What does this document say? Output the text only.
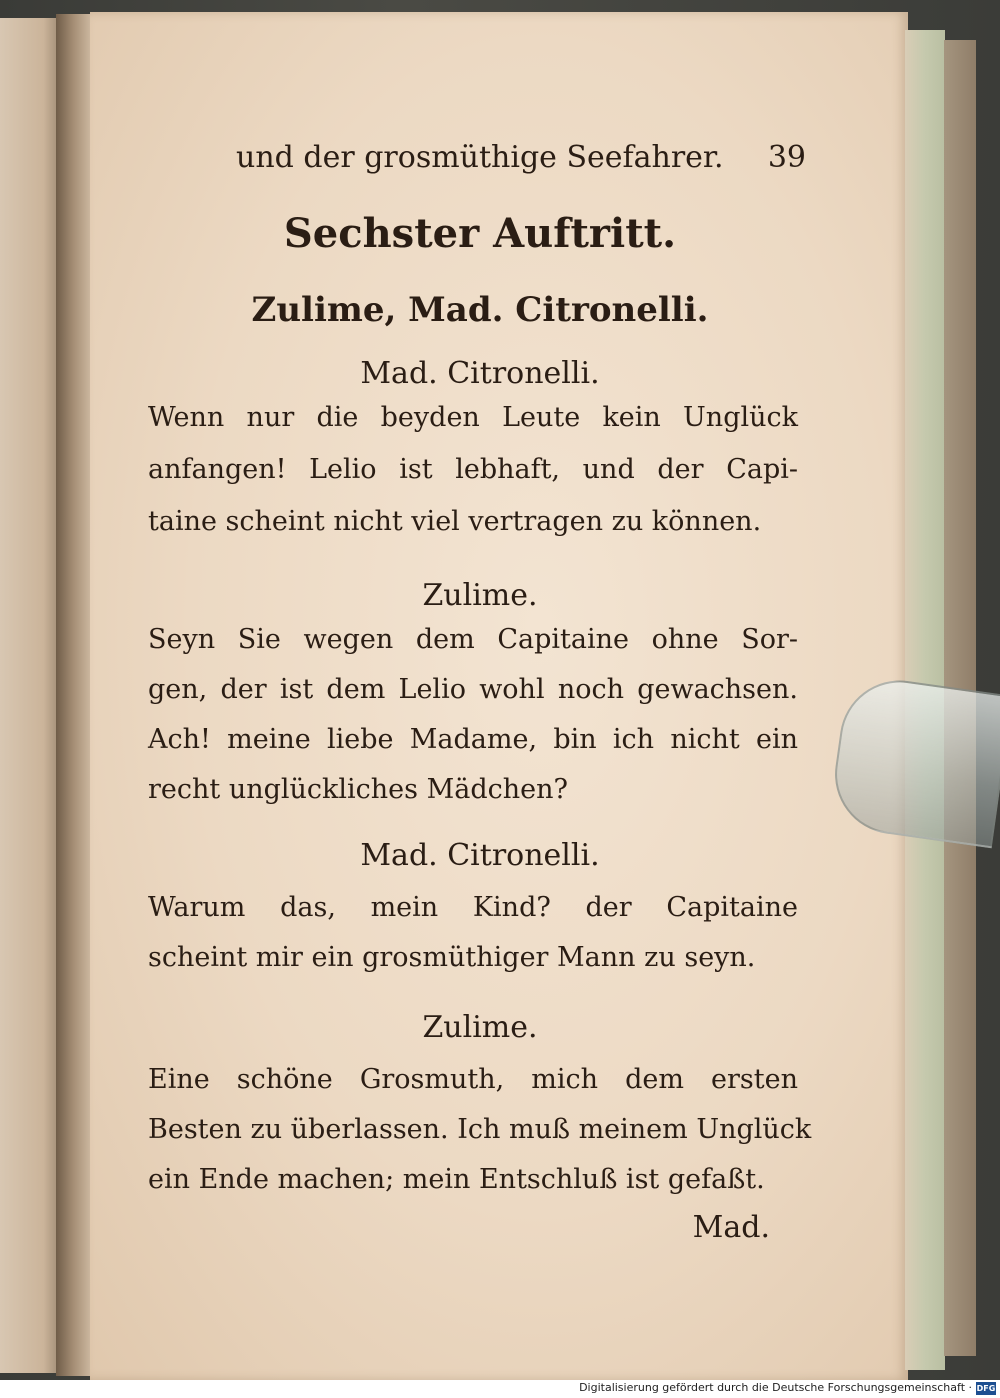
und der grosmüthige Seefahrer. 39
Sechster Auftritt.
Zulime, Mad. Citronelli.
Mad. Citronelli.
Wenn nur die beyden Leute kein Unglück
anfangen! Lelio ist lebhaft, und der Capi-
taine scheint nicht viel vertragen zu können.
Zulime.
Seyn Sie wegen dem Capitaine ohne Sor-
gen, der ist dem Lelio wohl noch gewachsen.
Ach! meine liebe Madame, bin ich nicht ein
recht unglückliches Mädchen?
Mad. Citronelli.
Warum das, mein Kind? der Capitaine
scheint mir ein grosmüthiger Mann zu seyn.
Zulime.
Eine schöne Grosmuth, mich dem ersten
Besten zu überlassen. Ich muß meinem Unglück
ein Ende machen; mein Entschluß ist gefaßt.
Mad.
Digitalisierung gefördert durch die Deutsche Forschungsgemeinschaft · DFG
